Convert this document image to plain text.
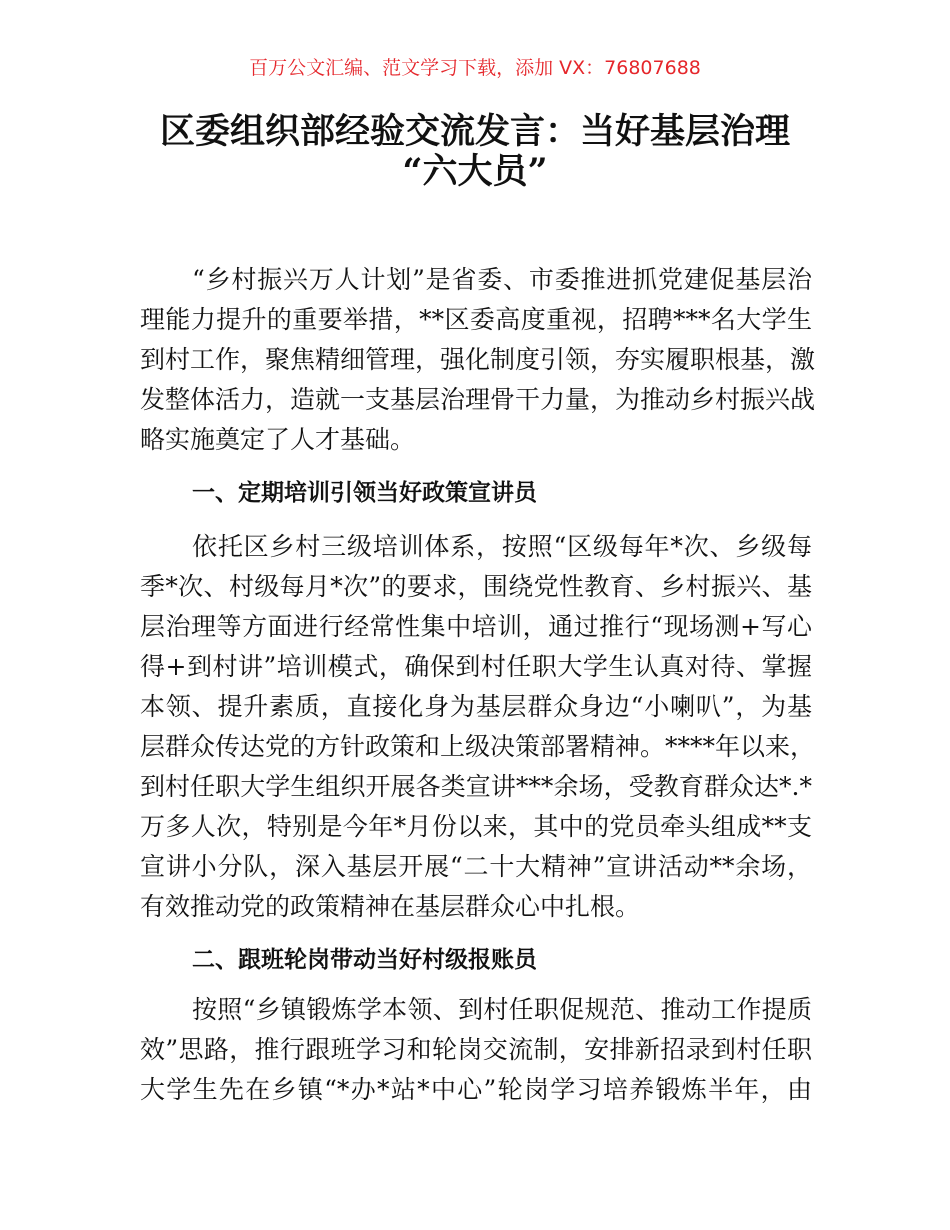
百万公文汇编、范文学习下载，添加 VX：76807688
区委组织部经验交流发言：当好基层治理
“六大员”
“乡村振兴万人计划”是省委、市委推进抓党建促基层治
理能力提升的重要举措，**区委高度重视，招聘***名大学生
到村工作，聚焦精细管理，强化制度引领，夯实履职根基，激
发整体活力，造就一支基层治理骨干力量，为推动乡村振兴战
略实施奠定了人才基础。
一、定期培训引领当好政策宣讲员
依托区乡村三级培训体系，按照“区级每年*次、乡级每
季*次、村级每月*次”的要求，围绕党性教育、乡村振兴、基
层治理等方面进行经常性集中培训，通过推行“现场测+写心
得+到村讲”培训模式，确保到村任职大学生认真对待、掌握
本领、提升素质，直接化身为基层群众身边“小喇叭”，为基
层群众传达党的方针政策和上级决策部署精神。****年以来，
到村任职大学生组织开展各类宣讲***余场，受教育群众达*.*
万多人次，特别是今年*月份以来，其中的党员牵头组成**支
宣讲小分队，深入基层开展“二十大精神”宣讲活动**余场，
有效推动党的政策精神在基层群众心中扎根。
二、跟班轮岗带动当好村级报账员
按照“乡镇锻炼学本领、到村任职促规范、推动工作提质
效”思路，推行跟班学习和轮岗交流制，安排新招录到村任职
大学生先在乡镇“*办*站*中心”轮岗学习培养锻炼半年，由
